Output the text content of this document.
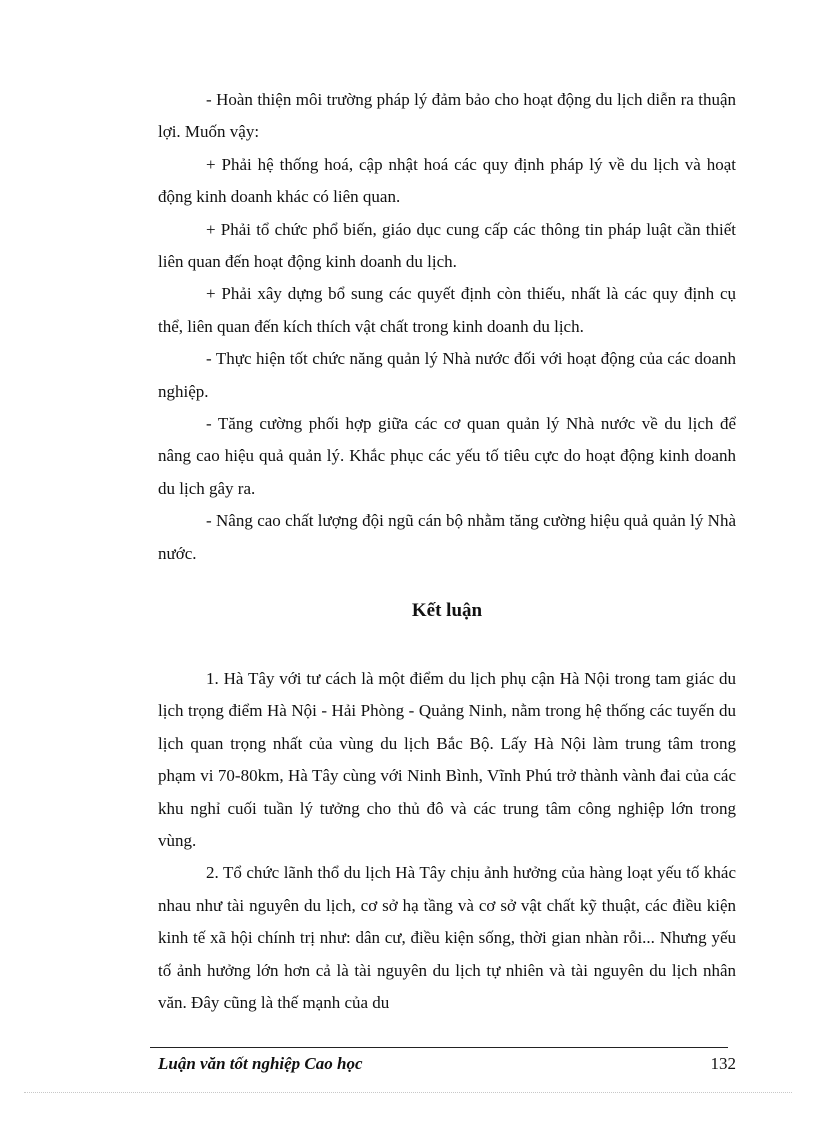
- Hoàn thiện môi trường pháp lý đảm bảo cho hoạt động du lịch diễn ra thuận lợi. Muốn vậy:

+ Phải hệ thống hoá, cập nhật hoá các quy định pháp lý về du lịch và hoạt động kinh doanh khác có liên quan.

+ Phải tổ chức phổ biến, giáo dục cung cấp các thông tin pháp luật cần thiết liên quan đến hoạt động kinh doanh du lịch.

+ Phải xây dựng bổ sung các quyết định còn thiếu, nhất là các quy định cụ thể, liên quan đến kích thích vật chất trong kinh doanh du lịch.

- Thực hiện tốt chức năng quản lý Nhà nước đối với hoạt động của các doanh nghiệp.

- Tăng cường phối hợp giữa các cơ quan quản lý Nhà nước về du lịch để nâng cao hiệu quả quản lý. Khắc phục các yếu tố tiêu cực do hoạt động kinh doanh du lịch gây ra.

- Nâng cao chất lượng đội ngũ cán bộ nhằm tăng cường hiệu quả quản lý Nhà nước.

Kết luận

1. Hà Tây với tư cách là một điểm du lịch phụ cận Hà Nội trong tam giác du lịch trọng điểm Hà Nội - Hải Phòng - Quảng Ninh, nằm trong hệ thống các tuyến du lịch quan trọng nhất của vùng du lịch Bắc Bộ. Lấy Hà Nội làm trung tâm trong phạm vi 70-80km, Hà Tây cùng với Ninh Bình, Vĩnh Phú trở thành vành đai của các khu nghỉ cuối tuần lý tưởng cho thủ đô và các trung tâm công nghiệp lớn trong vùng.

2. Tổ chức lãnh thổ du lịch Hà Tây chịu ảnh hưởng của hàng loạt yếu tố khác nhau như tài nguyên du lịch, cơ sở hạ tầng và cơ sở vật chất kỹ thuật, các điều kiện kinh tế xã hội chính trị như: dân cư, điều kiện sống, thời gian nhàn rỗi... Nhưng yếu tố ảnh hưởng lớn hơn cả là tài nguyên du lịch tự nhiên và tài nguyên du lịch nhân văn. Đây cũng là thế mạnh của du

Luận văn tốt nghiệp Cao học	132
